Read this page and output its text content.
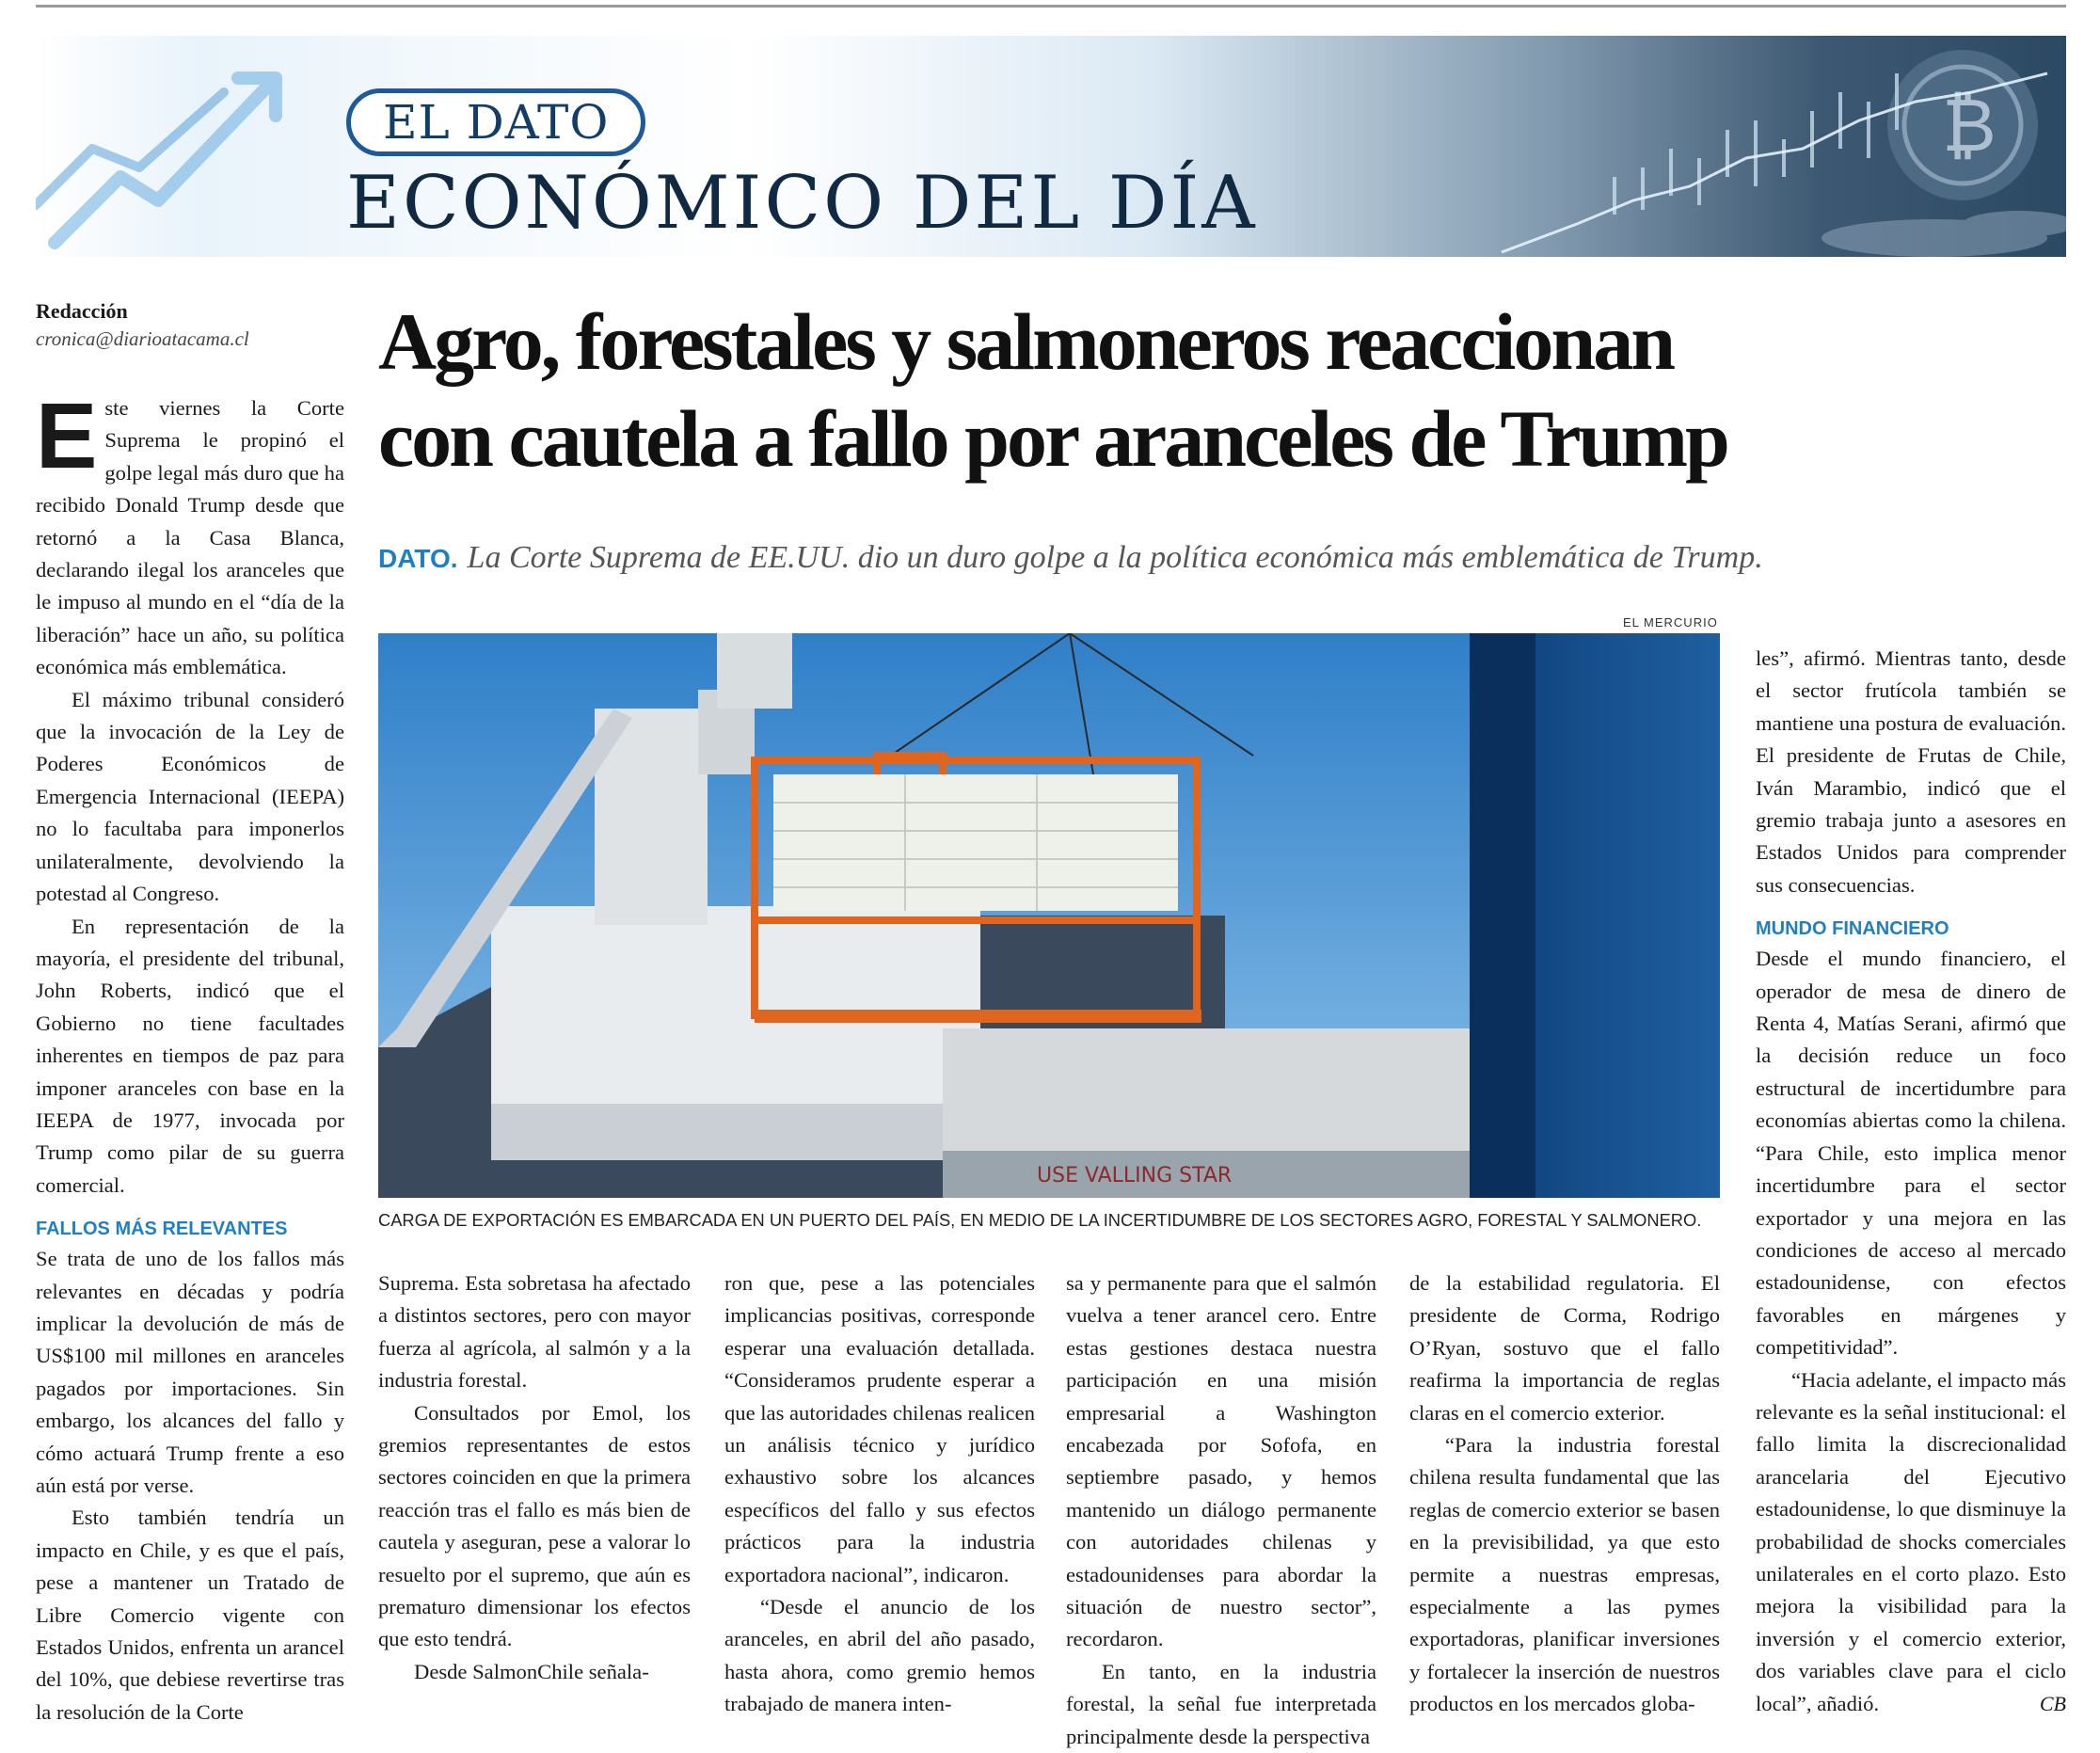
₿
EL DATO
ECONÓMICO DEL DÍA
Redacción
cronica@diarioatacama.cl Agro, forestales y salmoneros reaccionan
con cautela a fallo por aranceles de Trump
DATO. La Corte Suprema de EE.UU. dio un duro golpe a la política económica más emblemática de Trump.

Este viernes la Corte Suprema le propinó el golpe legal más duro que ha recibido Donald Trump desde que retornó a la Casa Blanca, declarando ilegal los aranceles que le impuso al mundo en el “día de la liberación” hace un año, su política económica más emblemática.

El máximo tribunal consideró que la invocación de la Ley de Poderes Económicos de Emergencia Internacional (IEEPA) no lo facultaba para imponerlos unilateralmente, devolviendo la potestad al Congreso.

En representación de la mayoría, el presidente del tribunal, John Roberts, indicó que el Gobierno no tiene facultades inherentes en tiempos de paz para imponer aranceles con base en la IEEPA de 1977, invocada por Trump como pilar de su guerra comercial.

FALLOS MÁS RELEVANTES

Se trata de uno de los fallos más relevantes en décadas y podría implicar la devolución de más de US$100 mil millones en aranceles pagados por importaciones. Sin embargo, los alcances del fallo y cómo actuará Trump frente a eso aún está por verse.

Esto también tendría un impacto en Chile, y es que el país, pese a mantener un Tratado de Libre Comercio vigente con Estados Unidos, enfrenta un arancel del 10%, que debiese revertirse tras la resolución de la Corte

EL MERCURIO
USE VALLING STAR
CARGA DE EXPORTACIÓN ES EMBARCADA EN UN PUERTO DEL PAÍS, EN MEDIO DE LA INCERTIDUMBRE DE LOS SECTORES AGRO, FORESTAL Y SALMONERO.

Suprema. Esta sobretasa ha afectado a distintos sectores, pero con mayor fuerza al agrícola, al salmón y a la industria forestal.

Consultados por Emol, los gremios representantes de estos sectores coinciden en que la primera reacción tras el fallo es más bien de cautela y aseguran, pese a valorar lo resuelto por el supremo, que aún es prematuro dimensionar los efectos que esto tendrá.

Desde SalmonChile señala-

ron que, pese a las potenciales implicancias positivas, corresponde esperar una evaluación detallada. “Consideramos prudente esperar a que las autoridades chilenas realicen un análisis técnico y jurídico exhaustivo sobre los alcances específicos del fallo y sus efectos prácticos para la industria exportadora nacional”, indicaron.

“Desde el anuncio de los aranceles, en abril del año pasado, hasta ahora, como gremio hemos trabajado de manera inten-

sa y permanente para que el salmón vuelva a tener arancel cero. Entre estas gestiones destaca nuestra participación en una misión empresarial a Washington encabezada por Sofofa, en septiembre pasado, y hemos mantenido un diálogo permanente con autoridades chilenas y estadounidenses para abordar la situación de nuestro sector”, recordaron.

En tanto, en la industria forestal, la señal fue interpretada principalmente desde la perspectiva

de la estabilidad regulatoria. El presidente de Corma, Rodrigo O’Ryan, sostuvo que el fallo reafirma la importancia de reglas claras en el comercio exterior.

“Para la industria forestal chilena resulta fundamental que las reglas de comercio exterior se basen en la previsibilidad, ya que esto permite a nuestras empresas, especialmente a las pymes exportadoras, planificar inversiones y fortalecer la inserción de nuestros productos en los mercados globa-

les”, afirmó. Mientras tanto, desde el sector frutícola también se mantiene una postura de evaluación. El presidente de Frutas de Chile, Iván Marambio, indicó que el gremio trabaja junto a asesores en Estados Unidos para comprender sus consecuencias.

MUNDO FINANCIERO

Desde el mundo financiero, el operador de mesa de dinero de Renta 4, Matías Serani, afirmó que la decisión reduce un foco estructural de incertidumbre para economías abiertas como la chilena. “Para Chile, esto implica menor incertidumbre para el sector exportador y una mejora en las condiciones de acceso al mercado estadounidense, con efectos favorables en márgenes y competitividad”.

“Hacia adelante, el impacto más relevante es la señal institucional: el fallo limita la discrecionalidad arancelaria del Ejecutivo estadounidense, lo que disminuye la probabilidad de shocks comerciales unilaterales en el corto plazo. Esto mejora la visibilidad para la inversión y el comercio exterior, dos variables clave para el ciclo local”, añadió.	CB
